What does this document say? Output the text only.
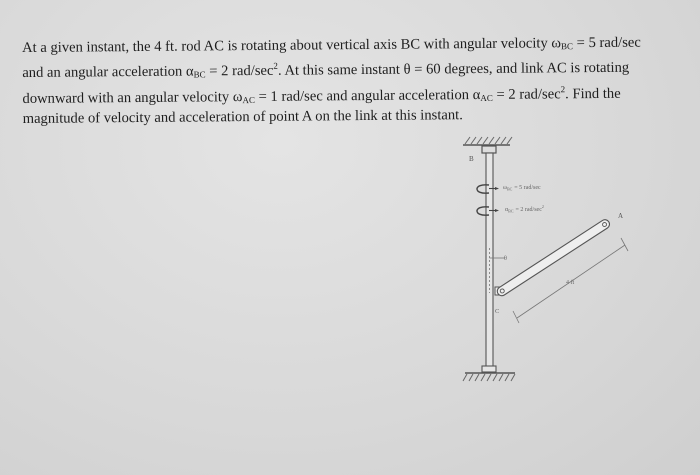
At a given instant, the 4 ft. rod AC is rotating about vertical axis BC with angular velocity $\omega_{BC} = 5$ rad/sec
and an angular acceleration $\alpha_{BC} = 2$ rad/$\sec^2$. At this same instant θ = 60 degrees, and link AC is rotating
downward with an angular velocity $\omega_{AC} = 1$ rad/sec and angular acceleration $\alpha_{AC} = 2$ rad/$\sec^2$. Find the
magnitude of velocity and acceleration of point A on the link at this instant.
B
$\omega_{BC} = 5$ rad/sec
$\alpha_{BC} = 2$ rad/$\sec^2$
θ
C
A
4 ft
